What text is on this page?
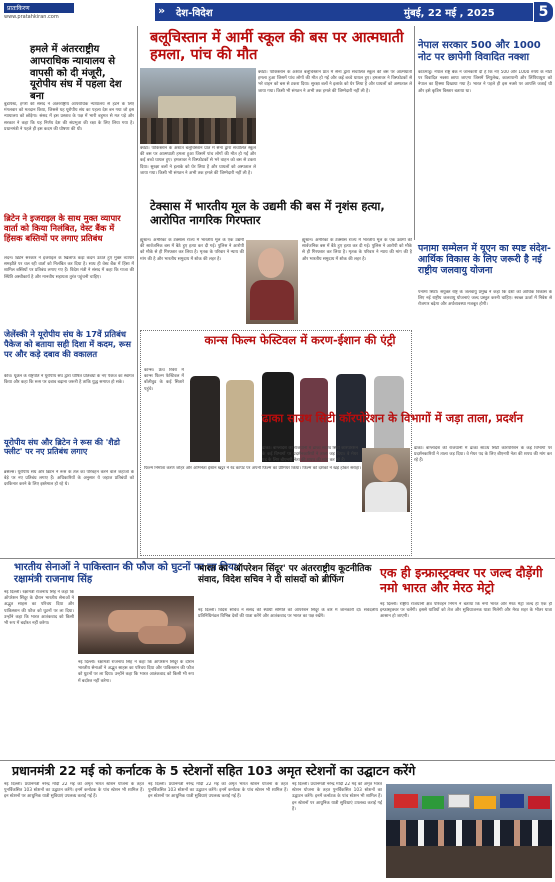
प्रातःकिरण
www.pratahkiran.com	» देश-विदेश	मुंबई, 22 मई , 2025	5
हमले में अंतरराष्ट्रीय आपराधिक न्यायालय से वापसी को दी मंजूरी, यूरोपीय संघ में पहला देश बना
बुडापेस्ट, हंगरी की संसद ने अंतरराष्ट्रीय आपराधिक न्यायालय से हटने के लिए मंगलवार को मतदान किया, जिससे यह यूरोपीय संघ का पहला देश बन गया जो इस न्यायालय को छोड़ेगा। संसद में इस प्रस्ताव के पक्ष में भारी बहुमत से मत पड़े और सरकार ने कहा कि यह निर्णय देश की संप्रभुता की रक्षा के लिए लिया गया है। प्रधानमंत्री ने पहले ही इस कदम की घोषणा की थी।
ब्रिटेन ने इजराइल के साथ मुक्त व्यापार वार्ता को किया निलंबित, वेस्ट बैंक में हिंसक बस्तियों पर लगाए प्रतिबंध
लंदन। ब्रिटेन सरकार ने इजराइल के खिलाफ कड़ा कदम उठाते हुए मुक्त व्यापार समझौते पर चल रही वार्ता को निलंबित कर दिया है। साथ ही वेस्ट बैंक में हिंसा में शामिल बस्तियों पर प्रतिबंध लगाए गए हैं। विदेश मंत्री ने संसद में कहा कि गाजा की स्थिति अस्वीकार्य है और मानवीय सहायता तुरंत पहुंचनी चाहिए।
जेलेंस्की ने यूरोपीय संघ के 17वें प्रतिबंध पैकेज को बताया सही दिशा में कदम, रूस पर और कड़े दबाव की वकालत
कीव। यूक्रेन के राष्ट्रपति ने यूरोपीय संघ द्वारा घोषित प्रतिबंधों के नए पैकेज का स्वागत किया और कहा कि रूस पर दबाव बढ़ाना जरूरी है ताकि युद्ध समाप्त हो सके।
यूरोपीय संघ और ब्रिटेन ने रूस की 'शैडो फ्लीट' पर नए प्रतिबंध लगाए
ब्रसेल्स। यूरोपीय संघ और ब्रिटेन ने रूस के तेल का परिवहन करने वाले जहाजों के बेड़े पर नए प्रतिबंध लगाए हैं। अधिकारियों के अनुसार ये जहाज प्रतिबंधों को दरकिनार करने के लिए इस्तेमाल हो रहे थे।
बलूचिस्तान में आर्मी स्कूल की बस पर आत्मघाती हमला, पांच की मौत
क्वेटा। पाकिस्तान के अशांत बलूचिस्तान प्रांत में सेना द्वारा संचालित स्कूल की बस पर आत्मघाती हमला हुआ जिसमें पांच लोगों की मौत हो गई और कई बच्चे घायल हुए। हमलावर ने विस्फोटकों से भरे वाहन को बस से टकरा दिया। सुरक्षा बलों ने इलाके को घेर लिया है और घायलों को अस्पताल ले जाया गया। किसी भी संगठन ने अभी तक हमले की जिम्मेदारी नहीं ली है।
क्वेटा। पाकिस्तान के अशांत बलूचिस्तान प्रांत में सेना द्वारा संचालित स्कूल की बस पर आत्मघाती हमला हुआ जिसमें पांच लोगों की मौत हो गई और कई बच्चे घायल हुए। हमलावर ने विस्फोटकों से भरे वाहन को बस से टकरा दिया। सुरक्षा बलों ने इलाके को घेर लिया है और घायलों को अस्पताल ले जाया गया। किसी भी संगठन ने अभी तक हमले की जिम्मेदारी नहीं ली है।
नेपाल सरकार 500 और 1000 नोट पर छापेगी विवादित नक्शा
काठमांडू। नेपाल राष्ट्र बैंक ने जानकारी दी है कि नए 500 और 1000 रुपये के नोटों पर विवादित नक्शा छापा जाएगा जिसमें लिपुलेख, कालापानी और लिंपियाधुरा को नेपाल का हिस्सा दिखाया गया है। भारत ने पहले ही इस नक्शे पर आपत्ति जताई थी और इसे कृत्रिम विस्तार बताया था।
टेक्सास में भारतीय मूल के उद्यमी की बस में नृशंस हत्या, आरोपित नागरिक गिरफ्तार
ह्यूस्टन। अमेरिका के टेक्सास राज्य में भारतीय मूल के एक उद्यमी की सार्वजनिक बस में बैठे हुए हत्या कर दी गई। पुलिस ने आरोपी को मौके से ही गिरफ्तार कर लिया है। मृतक के परिवार ने न्याय की मांग की है और भारतीय समुदाय में शोक की लहर है।
ह्यूस्टन। अमेरिका के टेक्सास राज्य में भारतीय मूल के एक उद्यमी की सार्वजनिक बस में बैठे हुए हत्या कर दी गई। पुलिस ने आरोपी को मौके से ही गिरफ्तार कर लिया है। मृतक के परिवार ने न्याय की मांग की है और भारतीय समुदाय में शोक की लहर है।
कान्स फिल्म फेस्टिवल में करण-ईशान की एंट्री
कान्स। फ्रेंच रिवेरा में कान्स फिल्म फेस्टिवल में बॉलीवुड के कई सितारे पहुंचे।
फिल्म निर्माता करण जौहर और अभिनेता ईशान खट्टर ने रेड कार्पेट पर अपनी फिल्म का प्रीमियर किया। फिल्म को दर्शकों ने खड़े होकर सराहा।
पनामा सम्मेलन में यूएन का स्पष्ट संदेश- आर्थिक विकास के लिए जरूरी है नई राष्ट्रीय जलवायु योजना
पनामा सिटी। संयुक्त राष्ट्र के जलवायु प्रमुख ने कहा कि देशों को आर्थिक विकास के लिए नई राष्ट्रीय जलवायु योजनाएं जल्द प्रस्तुत करनी चाहिए। स्वच्छ ऊर्जा में निवेश से रोजगार बढ़ेगा और अर्थव्यवस्था मजबूत होगी।
ढाका साउथ सिटी कॉरपोरेशन के विभागों में जड़ा ताला, प्रदर्शन
ढाका। बांग्लादेश की राजधानी में ढाका साउथ सिटी कॉरपोरेशन के कई विभागों पर प्रदर्शनकारियों ने ताला जड़ दिया। वे मेयर पद के लिए बीएनपी नेता की शपथ की मांग कर रहे हैं।
ढाका। बांग्लादेश की राजधानी में ढाका साउथ सिटी कॉरपोरेशन के कई विभागों पर प्रदर्शनकारियों ने ताला जड़ दिया। वे मेयर पद के लिए बीएनपी नेता की शपथ की मांग कर रहे हैं।
भारतीय सेनाओं ने पाकिस्तान की फौज को घुटनों पर ला दिया: रक्षामंत्री राजनाथ सिंह
नई दिल्ली। रक्षामंत्री राजनाथ सिंह ने कहा कि ऑपरेशन सिंदूर के दौरान भारतीय सेनाओं ने अद्भुत साहस का परिचय दिया और पाकिस्तान की फौज को घुटनों पर ला दिया। उन्होंने कहा कि भारत आतंकवाद को किसी भी रूप में बर्दाश्त नहीं करेगा।
नई दिल्ली। रक्षामंत्री राजनाथ सिंह ने कहा कि ऑपरेशन सिंदूर के दौरान भारतीय सेनाओं ने अद्भुत साहस का परिचय दिया और पाकिस्तान की फौज को घुटनों पर ला दिया। उन्होंने कहा कि भारत आतंकवाद को किसी भी रूप में बर्दाश्त नहीं करेगा।
भारत का 'ऑपरेशन सिंदूर' पर अंतरराष्ट्रीय कूटनीतिक संवाद, विदेश सचिव ने दी सांसदों को ब्रीफिंग
नई दिल्ली। विदेश सचिव ने संसद की स्थायी समिति को ऑपरेशन सिंदूर के बारे में जानकारी दी। सर्वदलीय प्रतिनिधिमंडल विभिन्न देशों की यात्रा करेंगे और आतंकवाद पर भारत का पक्ष रखेंगे।
एक ही इन्फ्रास्ट्रक्चर पर जल्द दौड़ेंगी नमो भारत और मेरठ मेट्रो
नई दिल्ली। राष्ट्रीय राजधानी क्षेत्र परिवहन निगम ने बताया कि नमो भारत और मेरठ मेट्रो जल्द ही एक ही इन्फ्रास्ट्रक्चर पर चलेंगी। इससे यात्रियों को तेज और सुविधाजनक यात्रा मिलेगी और मेरठ शहर के भीतर यात्रा आसान हो जाएगी।
प्रधानमंत्री 22 मई को कर्नाटक के 5 स्टेशनों सहित 103 अमृत स्टेशनों का उद्घाटन करेंगे
नई दिल्ली। प्रधानमंत्री नरेन्द्र मोदी 22 मई को अमृत भारत स्टेशन योजना के तहत पुनर्विकसित 103 स्टेशनों का उद्घाटन करेंगे। इनमें कर्नाटक के पांच स्टेशन भी शामिल हैं। इन स्टेशनों पर आधुनिक यात्री सुविधाएं उपलब्ध कराई गई हैं।
नई दिल्ली। प्रधानमंत्री नरेन्द्र मोदी 22 मई को अमृत भारत स्टेशन योजना के तहत पुनर्विकसित 103 स्टेशनों का उद्घाटन करेंगे। इनमें कर्नाटक के पांच स्टेशन भी शामिल हैं। इन स्टेशनों पर आधुनिक यात्री सुविधाएं उपलब्ध कराई गई हैं।
नई दिल्ली। प्रधानमंत्री नरेन्द्र मोदी 22 मई को अमृत भारत स्टेशन योजना के तहत पुनर्विकसित 103 स्टेशनों का उद्घाटन करेंगे। इनमें कर्नाटक के पांच स्टेशन भी शामिल हैं। इन स्टेशनों पर आधुनिक यात्री सुविधाएं उपलब्ध कराई गई हैं।
